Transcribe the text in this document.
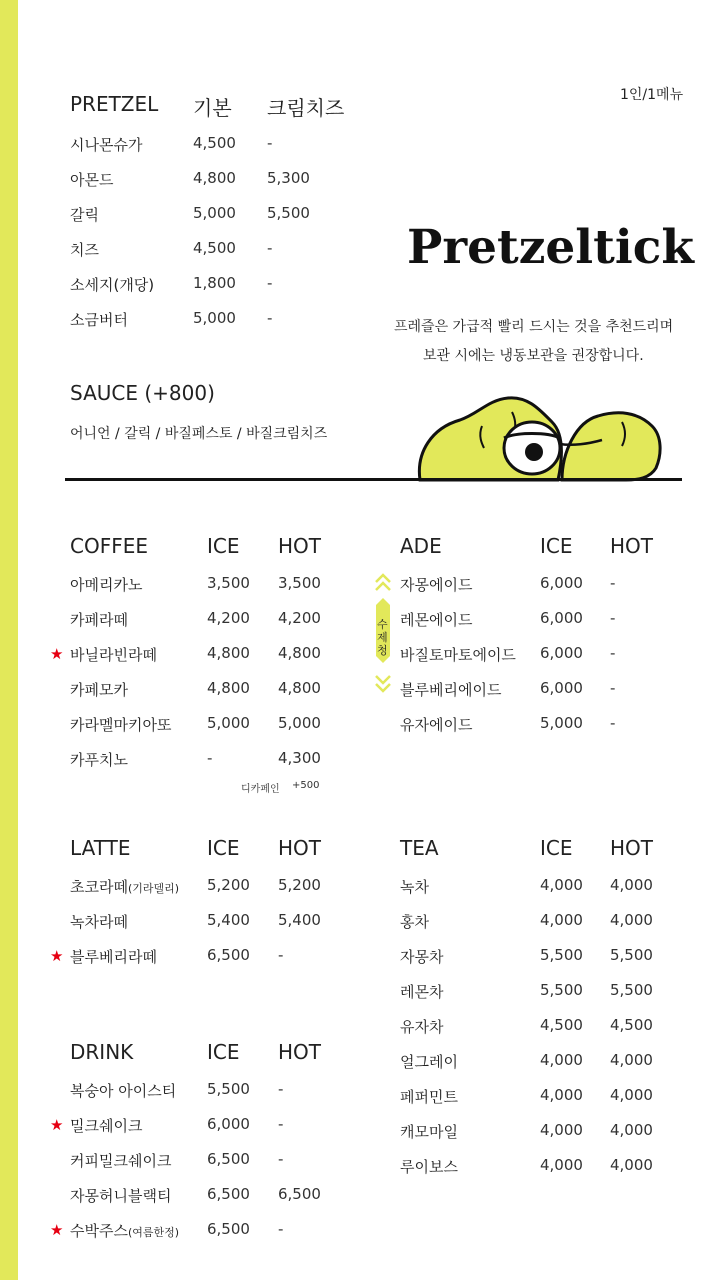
1인/1메뉴
PRETZEL 기본 크림치즈
시나몬슈가	4,500 -
아몬드	4,800 5,300
갈릭	5,000 5,500
치즈	4,500 -
소세지(개당)	1,800 -
소금버터	5,000 -
SAUCE (+800)
어니언 / 갈릭 / 바질페스토 / 바질크림치즈
Pretzeltick
프레즐은 가급적 빨리 드시는 것을 추천드리며
보관 시에는 냉동보관을 권장합니다.
COFFEE	ICE HOT
아메리카노	3,500 3,500
카페라떼	4,200 4,200
★ 바닐라빈라떼	4,800 4,800
카페모카	4,800 4,800
카라멜마키아또 5,000 5,000
카푸치노	-	4,300
디카페인 +500
ADE	ICE HOT
수
제
청
자몽에이드	6,000 -
레몬에이드	6,000 -
바질토마토에이드 6,000 -
블루베리에이드	6,000 -
유자에이드	5,000 -
LATTE	ICE HOT
초코라떼(기라델리) 5,200 5,200
녹차라떼	5,400 5,400
★ 블루베리라떼	6,500 -
TEA	ICE HOT
녹차	4,000 4,000
홍차	4,000 4,000
자몽차	5,500 5,500
레몬차	5,500 5,500
유자차	4,500 4,500
얼그레이	4,000 4,000
페퍼민트	4,000 4,000
캐모마일	4,000 4,000
루이보스	4,000 4,000
DRINK	ICE HOT
복숭아 아이스티 5,500 -
★ 밀크쉐이크	6,000 -
커피밀크쉐이크 6,500 -
자몽허니블랙티 6,500 6,500
★ 수박주스(여름한정) 6,500 -
